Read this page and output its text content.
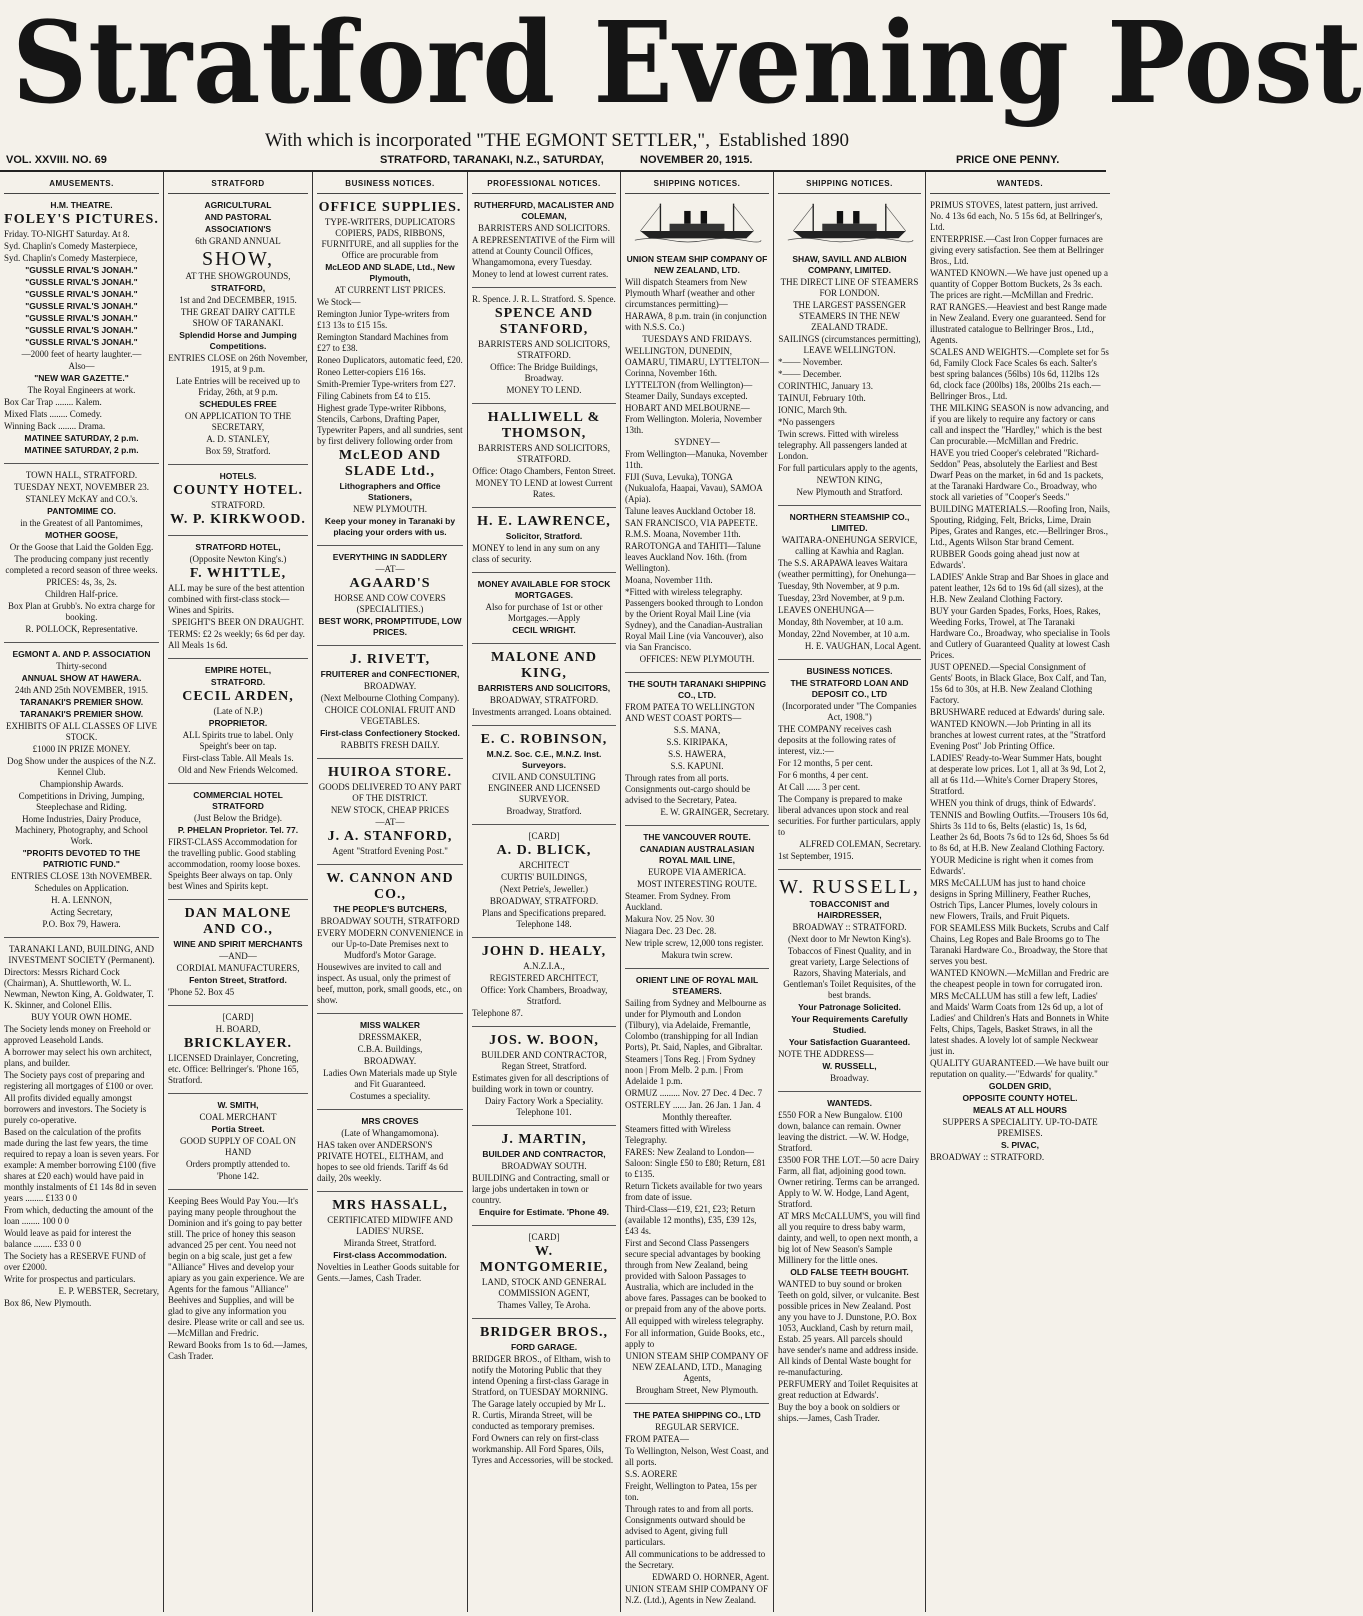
Stratford Evening Post
With which is incorporated "THE EGMONT SETTLER,", Established 1890
VOL. XXVIII. NO. 69	STRATFORD, TARANAKI, N.Z., SATURDAY,	NOVEMBER 20, 1915.	PRICE ONE PENNY.
AMUSEMENTS.
H.M. THEATRE.
FOLEY'S PICTURES.
Friday. TO-NIGHT Saturday. At 8.
Syd. Chaplin's Comedy Masterpiece,
Syd. Chaplin's Comedy Masterpiece,
"GUSSLE RIVAL'S JONAH."
"GUSSLE RIVAL'S JONAH."
"GUSSLE RIVAL'S JONAH."
"GUSSLE RIVAL'S JONAH."
"GUSSLE RIVAL'S JONAH."
"GUSSLE RIVAL'S JONAH."
"GUSSLE RIVAL'S JONAH."
—2000 feet of hearty laughter.—
Also—
"NEW WAR GAZETTE."
The Royal Engineers at work.
Box Car Trap ........ Kalem.
Mixed Flats ........ Comedy.
Winning Back ........ Drama.
MATINEE SATURDAY, 2 p.m.
MATINEE SATURDAY, 2 p.m.
TOWN HALL, STRATFORD.
TUESDAY NEXT, NOVEMBER 23.
STANLEY McKAY and CO.'s.
PANTOMIME CO.
in the Greatest of all Pantomimes,
MOTHER GOOSE,
Or the Goose that Laid the Golden Egg.
The producing company just recently completed a record season of three weeks.
PRICES: 4s, 3s, 2s.
Children Half-price.
Box Plan at Grubb's. No extra charge for booking.
R. POLLOCK, Representative.
EGMONT A. AND P. ASSOCIATION
Thirty-second
ANNUAL SHOW AT HAWERA.
24th AND 25th NOVEMBER, 1915.
TARANAKI'S PREMIER SHOW.
TARANAKI'S PREMIER SHOW.
EXHIBITS OF ALL CLASSES OF LIVE STOCK.
£1000 IN PRIZE MONEY.
Dog Show under the auspices of the N.Z. Kennel Club.
Championship Awards.
Competitions in Driving, Jumping, Steeplechase and Riding.
Home Industries, Dairy Produce, Machinery, Photography, and School Work.
"PROFITS DEVOTED TO THE PATRIOTIC FUND."
ENTRIES CLOSE 13th NOVEMBER.
Schedules on Application.
H. A. LENNON,
Acting Secretary,
P.O. Box 79, Hawera.
TARANAKI LAND, BUILDING, AND INVESTMENT SOCIETY (Permanent).
Directors: Messrs Richard Cock (Chairman), A. Shuttleworth, W. L. Newman, Newton King, A. Goldwater, T. K. Skinner, and Colonel Ellis.
BUY YOUR OWN HOME.
The Society lends money on Freehold or approved Leasehold Lands.
A borrower may select his own architect, plans, and builder.
The Society pays cost of preparing and registering all mortgages of £100 or over.
All profits divided equally amongst borrowers and investors. The Society is purely co-operative.
Based on the calculation of the profits made during the last few years, the time required to repay a loan is seven years. For example: A member borrowing £100 (five shares at £20 each) would have paid in monthly instalments of £1 14s 8d in seven years ........ £133 0 0
From which, deducting the amount of the loan ........ 100 0 0
Would leave as paid for interest the balance ........ £33 0 0
The Society has a RESERVE FUND of over £2000.
Write for prospectus and particulars.
E. P. WEBSTER, Secretary,
Box 86, New Plymouth.
STRATFORD
AGRICULTURAL
AND PASTORAL
ASSOCIATION'S
6th GRAND ANNUAL
SHOW,
AT THE SHOWGROUNDS,
STRATFORD,
1st and 2nd DECEMBER, 1915.
THE GREAT DAIRY CATTLE SHOW OF TARANAKI.
Splendid Horse and Jumping Competitions.
ENTRIES CLOSE on 26th November, 1915, at 9 p.m.
Late Entries will be received up to Friday, 26th, at 9 p.m.
SCHEDULES FREE
ON APPLICATION TO THE SECRETARY,
A. D. STANLEY,
Box 59, Stratford.
HOTELS.
COUNTY HOTEL.
STRATFORD.
W. P. KIRKWOOD.
STRATFORD HOTEL,
(Opposite Newton King's.)
F. WHITTLE,
ALL may be sure of the best attention combined with first-class stock—Wines and Spirits.
SPEIGHT'S BEER ON DRAUGHT.
TERMS: £2 2s weekly; 6s 6d per day. All Meals 1s 6d.
EMPIRE HOTEL,
STRATFORD.
CECIL ARDEN,
(Late of N.P.)
PROPRIETOR.
ALL Spirits true to label. Only Speight's beer on tap.
First-class Table. All Meals 1s.
Old and New Friends Welcomed.
COMMERCIAL HOTEL STRATFORD
(Just Below the Bridge).
P. PHELAN Proprietor. Tel. 77.
FIRST-CLASS Accommodation for the travelling public. Good stabling accommodation, roomy loose boxes. Speights Beer always on tap. Only best Wines and Spirits kept.
DAN MALONE AND CO.,
WINE AND SPIRIT MERCHANTS
—AND—
CORDIAL MANUFACTURERS,
Fenton Street, Stratford.
'Phone 52. Box 45
[CARD]
H. BOARD,
BRICKLAYER.
LICENSED Drainlayer, Concreting, etc. Office: Bellringer's. 'Phone 165, Stratford.
W. SMITH,
COAL MERCHANT
Portia Street.
GOOD SUPPLY OF COAL ON HAND
Orders promptly attended to.
'Phone 142.
Keeping Bees Would Pay You.—It's paying many people throughout the Dominion and it's going to pay better still. The price of honey this season advanced 25 per cent. You need not begin on a big scale, just get a few "Alliance" Hives and develop your apiary as you gain experience. We are Agents for the famous "Alliance" Beehives and Supplies, and will be glad to give any information you desire. Please write or call and see us.—McMillan and Fredric.
Reward Books from 1s to 6d.—James, Cash Trader.
BUSINESS NOTICES.
OFFICE SUPPLIES.
TYPE-WRITERS, DUPLICATORS COPIERS, PADS, RIBBONS, FURNITURE, and all supplies for the Office are procurable from
McLEOD AND SLADE, Ltd., New Plymouth,
AT CURRENT LIST PRICES.
We Stock—
Remington Junior Type-writers from £13 13s to £15 15s.
Remington Standard Machines from £27 to £38.
Roneo Duplicators, automatic feed, £20.
Roneo Letter-copiers £16 16s.
Smith-Premier Type-writers from £27.
Filing Cabinets from £4 to £15.
Highest grade Type-writer Ribbons, Stencils, Carbons, Drafting Paper, Typewriter Papers, and all sundries, sent by first delivery following order from
McLEOD AND SLADE Ltd.,
Lithographers and Office Stationers,
NEW PLYMOUTH.
Keep your money in Taranaki by placing your orders with us.
EVERYTHING IN SADDLERY
—AT—
AGAARD'S
HORSE AND COW COVERS (SPECIALITIES.)
BEST WORK, PROMPTITUDE, LOW PRICES.
J. RIVETT,
FRUITERER and CONFECTIONER,
BROADWAY.
(Next Melbourne Clothing Company).
CHOICE COLONIAL FRUIT AND VEGETABLES.
First-class Confectionery Stocked.
RABBITS FRESH DAILY.
HUIROA STORE.
GOODS DELIVERED TO ANY PART OF THE DISTRICT.
NEW STOCK, CHEAP PRICES
—AT—
J. A. STANFORD,
Agent "Stratford Evening Post."
W. CANNON AND CO.,
THE PEOPLE'S BUTCHERS,
BROADWAY SOUTH, STRATFORD
EVERY MODERN CONVENIENCE in our Up-to-Date Premises next to Mudford's Motor Garage.
Housewives are invited to call and inspect. As usual, only the primest of beef, mutton, pork, small goods, etc., on show.
MISS WALKER
DRESSMAKER,
C.B.A. Buildings,
BROADWAY.
Ladies Own Materials made up Style and Fit Guaranteed.
Costumes a speciality.
MRS CROVES
(Late of Whangamomona).
HAS taken over ANDERSON'S PRIVATE HOTEL, ELTHAM, and hopes to see old friends. Tariff 4s 6d daily, 20s weekly.
MRS HASSALL,
CERTIFICATED MIDWIFE AND LADIES' NURSE.
Miranda Street, Stratford.
First-class Accommodation.
Novelties in Leather Goods suitable for Gents.—James, Cash Trader.
PROFESSIONAL NOTICES.
RUTHERFURD, MACALISTER AND COLEMAN,
BARRISTERS AND SOLICITORS.
A REPRESENTATIVE of the Firm will attend at County Council Offices, Whangamomona, every Tuesday.
Money to lend at lowest current rates.
R. Spence. J. R. L. Stratford. S. Spence.
SPENCE AND STANFORD,
BARRISTERS AND SOLICITORS, STRATFORD.
Office: The Bridge Buildings, Broadway.
MONEY TO LEND.
HALLIWELL & THOMSON,
BARRISTERS AND SOLICITORS, STRATFORD.
Office: Otago Chambers, Fenton Street.
MONEY TO LEND at lowest Current Rates.
H. E. LAWRENCE,
Solicitor, Stratford.
MONEY to lend in any sum on any class of security.
MONEY AVAILABLE FOR STOCK MORTGAGES.
Also for purchase of 1st or other Mortgages.—Apply
CECIL WRIGHT.
MALONE AND KING,
BARRISTERS AND SOLICITORS,
BROADWAY, STRATFORD.
Investments arranged. Loans obtained.
E. C. ROBINSON,
M.N.Z. Soc. C.E., M.N.Z. Inst. Surveyors.
CIVIL AND CONSULTING ENGINEER AND LICENSED SURVEYOR.
Broadway, Stratford.
[CARD]
A. D. BLICK,
ARCHITECT
CURTIS' BUILDINGS,
(Next Petrie's, Jeweller.)
BROADWAY, STRATFORD.
Plans and Specifications prepared. Telephone 148.
JOHN D. HEALY,
A.N.Z.I.A.,
REGISTERED ARCHITECT,
Office: York Chambers, Broadway, Stratford.
Telephone 87.
JOS. W. BOON,
BUILDER AND CONTRACTOR, Regan Street, Stratford.
Estimates given for all descriptions of building work in town or country.
Dairy Factory Work a Speciality. Telephone 101.
J. MARTIN,
BUILDER AND CONTRACTOR,
BROADWAY SOUTH.
BUILDING and Contracting, small or large jobs undertaken in town or country.
Enquire for Estimate. 'Phone 49.
[CARD]
W. MONTGOMERIE,
LAND, STOCK AND GENERAL COMMISSION AGENT,
Thames Valley, Te Aroha.
BRIDGER BROS.,
FORD GARAGE.
BRIDGER BROS., of Eltham, wish to notify the Motoring Public that they intend Opening a first-class Garage in Stratford, on TUESDAY MORNING.
The Garage lately occupied by Mr L. R. Curtis, Miranda Street, will be conducted as temporary premises.
Ford Owners can rely on first-class workmanship. All Ford Spares, Oils, Tyres and Accessories, will be stocked.
SHIPPING NOTICES.
UNION STEAM SHIP COMPANY OF NEW ZEALAND, LTD.
Will dispatch Steamers from New Plymouth Wharf (weather and other circumstances permitting)—
HARAWA, 8 p.m. train (in conjunction with N.S.S. Co.)
TUESDAYS AND FRIDAYS.
WELLINGTON, DUNEDIN, OAMARU, TIMARU, LYTTELTON—Corinna, November 16th.
LYTTELTON (from Wellington)—Steamer Daily, Sundays excepted.
HOBART AND MELBOURNE—From Wellington. Moleria, November 13th.
SYDNEY—
From Wellington—Manuka, November 11th.
FIJI (Suva, Levuka), TONGA (Nukualofa, Haapai, Vavau), SAMOA (Apia).
Talune leaves Auckland October 18.
SAN FRANCISCO, VIA PAPEETE. R.M.S. Moana, November 11th.
RAROTONGA and TAHITI—Talune leaves Auckland Nov. 16th. (from Wellington).
Moana, November 11th.
*Fitted with wireless telegraphy. Passengers booked through to London by the Orient Royal Mail Line (via Sydney), and the Canadian-Australian Royal Mail Line (via Vancouver), also via San Francisco.
OFFICES: NEW PLYMOUTH.
THE SOUTH TARANAKI SHIPPING CO., LTD.
FROM PATEA TO WELLINGTON AND WEST COAST PORTS—
S.S. MANA,
S.S. KIRIPAKA,
S.S. HAWERA,
S.S. KAPUNI.
Through rates from all ports. Consignments out-cargo should be advised to the Secretary, Patea.
E. W. GRAINGER, Secretary.
THE VANCOUVER ROUTE.
CANADIAN AUSTRALASIAN ROYAL MAIL LINE,
EUROPE VIA AMERICA.
MOST INTERESTING ROUTE.
Steamer. From Sydney. From Auckland.
Makura Nov. 25 Nov. 30
Niagara Dec. 23 Dec. 28.
New triple screw, 12,000 tons register.
Makura twin screw.
ORIENT LINE OF ROYAL MAIL STEAMERS.
Sailing from Sydney and Melbourne as under for Plymouth and London (Tilbury), via Adelaide, Fremantle, Colombo (transhipping for all Indian Ports), Pt. Said, Naples, and Gibraltar.
Steamers | Tons Reg. | From Sydney noon | From Melb. 2 p.m. | From Adelaide 1 p.m.
ORMUZ ......... Nov. 27 Dec. 4 Dec. 7
OSTERLEY ...... Jan. 26 Jan. 1 Jan. 4
Monthly thereafter.
Steamers fitted with Wireless Telegraphy.
FARES: New Zealand to London—Saloon: Single £50 to £80; Return, £81 to £135.
Return Tickets available for two years from date of issue.
Third-Class—£19, £21, £23; Return (available 12 months), £35, £39 12s, £43 4s.
First and Second Class Passengers secure special advantages by booking through from New Zealand, being provided with Saloon Passages to Australia, which are included in the above fares. Passages can be booked to or prepaid from any of the above ports.
All equipped with wireless telegraphy.
For all information, Guide Books, etc., apply to
UNION STEAM SHIP COMPANY OF NEW ZEALAND, LTD., Managing Agents,
Brougham Street, New Plymouth.
THE PATEA SHIPPING CO., LTD
REGULAR SERVICE.
FROM PATEA—
To Wellington, Nelson, West Coast, and all ports.
S.S. AORERE
Freight, Wellington to Patea, 15s per ton.
Through rates to and from all ports. Consignments outward should be advised to Agent, giving full particulars.
All communications to be addressed to the Secretary.
EDWARD O. HORNER, Agent.
UNION STEAM SHIP COMPANY OF N.Z. (Ltd.), Agents in New Zealand.
SHIPPING NOTICES.
SHAW, SAVILL AND ALBION COMPANY, LIMITED.
THE DIRECT LINE OF STEAMERS FOR LONDON.
THE LARGEST PASSENGER STEAMERS IN THE NEW ZEALAND TRADE.
SAILINGS (circumstances permitting), LEAVE WELLINGTON.
*—— November.
*—— December.
CORINTHIC, January 13.
TAINUI, February 10th.
IONIC, March 9th.
*No passengers
Twin screws. Fitted with wireless telegraphy. All passengers landed at London.
For full particulars apply to the agents,
NEWTON KING,
New Plymouth and Stratford.
NORTHERN STEAMSHIP CO., LIMITED.
WAITARA-ONEHUNGA SERVICE, calling at Kawhia and Raglan.
The S.S. ARAPAWA leaves Waitara (weather permitting), for Onehunga—
Tuesday, 9th November, at 9 p.m.
Tuesday, 23rd November, at 9 p.m.
LEAVES ONEHUNGA—
Monday, 8th November, at 10 a.m.
Monday, 22nd November, at 10 a.m.
H. E. VAUGHAN, Local Agent.
BUSINESS NOTICES.
THE STRATFORD LOAN AND DEPOSIT CO., LTD
(Incorporated under "The Companies Act, 1908.")
THE COMPANY receives cash deposits at the following rates of interest, viz.:—
For 12 months, 5 per cent.
For 6 months, 4 per cent.
At Call ...... 3 per cent.
The Company is prepared to make liberal advances upon stock and real securities. For further particulars, apply to
ALFRED COLEMAN, Secretary.
1st September, 1915.
W. RUSSELL,
TOBACCONIST and HAIRDRESSER,
BROADWAY :: STRATFORD.
(Next door to Mr Newton King's).
Tobaccos of Finest Quality, and in great variety, Large Selections of Razors, Shaving Materials, and Gentleman's Toilet Requisites, of the best brands.
Your Patronage Solicited.
Your Requirements Carefully Studied.
Your Satisfaction Guaranteed.
NOTE THE ADDRESS—
W. RUSSELL,
Broadway.
WANTEDS.
£550 FOR a New Bungalow. £100 down, balance can remain. Owner leaving the district. —W. W. Hodge, Stratford.
£3500 FOR THE LOT.—50 acre Dairy Farm, all flat, adjoining good town. Owner retiring. Terms can be arranged. Apply to W. W. Hodge, Land Agent, Stratford.
AT MRS McCALLUM'S, you will find all you require to dress baby warm, dainty, and well, to open next month, a big lot of New Season's Sample Millinery for the little ones.
OLD FALSE TEETH BOUGHT.
WANTED to buy sound or broken Teeth on gold, silver, or vulcanite. Best possible prices in New Zealand. Post any you have to J. Dunstone, P.O. Box 1053, Auckland, Cash by return mail, Estab. 25 years. All parcels should have sender's name and address inside. All kinds of Dental Waste bought for re-manufacturing.
PERFUMERY and Toilet Requisites at great reduction at Edwards'.
Buy the boy a book on soldiers or ships.—James, Cash Trader.
WANTEDS.
PRIMUS STOVES, latest pattern, just arrived. No. 4 13s 6d each, No. 5 15s 6d, at Bellringer's, Ltd.
ENTERPRISE.—Cast Iron Copper furnaces are giving every satisfaction. See them at Bellringer Bros., Ltd.
WANTED KNOWN.—We have just opened up a quantity of Copper Bottom Buckets, 2s 3s each. The prices are right.—McMillan and Fredric.
RAT RANGES.—Heaviest and best Range made in New Zealand. Every one guaranteed. Send for illustrated catalogue to Bellringer Bros., Ltd., Agents.
SCALES AND WEIGHTS.—Complete set for 5s 6d, Family Clock Face Scales 6s each. Salter's best spring balances (56lbs) 10s 6d, 112lbs 12s 6d, clock face (200lbs) 18s, 200lbs 21s each.—Bellringer Bros., Ltd.
THE MILKING SEASON is now advancing, and if you are likely to require any factory or cans call and inspect the "Hardley," which is the best Can procurable.—McMillan and Fredric.
HAVE you tried Cooper's celebrated "Richard-Seddon" Peas, absolutely the Earliest and Best Dwarf Peas on the market, in 6d and 1s packets, at the Taranaki Hardware Co., Broadway, who stock all varieties of "Cooper's Seeds."
BUILDING MATERIALS.—Roofing Iron, Nails, Spouting, Ridging, Felt, Bricks, Lime, Drain Pipes, Grates and Ranges, etc.—Bellringer Bros., Ltd., Agents Wilson Star brand Cement.
RUBBER Goods going ahead just now at Edwards'.
LADIES' Ankle Strap and Bar Shoes in glace and patent leather, 12s 6d to 19s 6d (all sizes), at the H.B. New Zealand Clothing Factory.
BUY your Garden Spades, Forks, Hoes, Rakes, Weeding Forks, Trowel, at The Taranaki Hardware Co., Broadway, who specialise in Tools and Cutlery of Guaranteed Quality at lowest Cash Prices.
JUST OPENED.—Special Consignment of Gents' Boots, in Black Glace, Box Calf, and Tan, 15s 6d to 30s, at H.B. New Zealand Clothing Factory.
BRUSHWARE reduced at Edwards' during sale.
WANTED KNOWN.—Job Printing in all its branches at lowest current rates, at the "Stratford Evening Post" Job Printing Office.
LADIES' Ready-to-Wear Summer Hats, bought at desperate low prices. Lot 1, all at 3s 9d, Lot 2, all at 6s 11d.—White's Corner Drapery Stores, Stratford.
WHEN you think of drugs, think of Edwards'.
TENNIS and Bowling Outfits.—Trousers 10s 6d, Shirts 3s 11d to 6s, Belts (elastic) 1s, 1s 6d, Leather 2s 6d, Boots 7s 6d to 12s 6d, Shoes 5s 6d to 8s 6d, at H.B. New Zealand Clothing Factory.
YOUR Medicine is right when it comes from Edwards'.
MRS McCALLUM has just to hand choice designs in Spring Millinery, Feather Ruches, Ostrich Tips, Lancer Plumes, lovely colours in new Flowers, Trails, and Fruit Piquets.
FOR SEAMLESS Milk Buckets, Scrubs and Calf Chains, Leg Ropes and Bale Brooms go to The Taranaki Hardware Co., Broadway, the Store that serves you best.
WANTED KNOWN.—McMillan and Fredric are the cheapest people in town for corrugated iron.
MRS McCALLUM has still a few left, Ladies' and Maids' Warm Coats from 12s 6d up, a lot of Ladies' and Children's Hats and Bonnets in White Felts, Chips, Tagels, Basket Straws, in all the latest shades. A lovely lot of sample Neckwear just in.
QUALITY GUARANTEED.—We have built our reputation on quality.—"Edwards' for quality."
GOLDEN GRID,
OPPOSITE COUNTY HOTEL.
MEALS AT ALL HOURS
SUPPERS A SPECIALITY. UP-TO-DATE PREMISES.
S. PIVAC,
BROADWAY :: STRATFORD.
